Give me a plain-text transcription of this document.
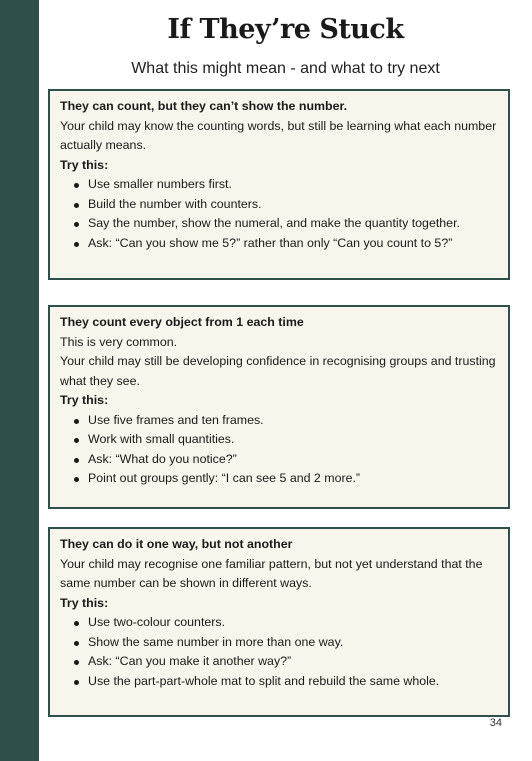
If They’re Stuck
What this might mean - and what to try next

They can count, but they can’t show the number.

Your child may know the counting words, but still be learning what each number actually means.

Try this:

Use smaller numbers first.
Build the number with counters.
Say the number, show the numeral, and make the quantity together.
Ask: “Can you show me 5?” rather than only “Can you count to 5?”

They count every object from 1 each time

This is very common.

Your child may still be developing confidence in recognising groups and trusting what they see.

Try this:

Use five frames and ten frames.
Work with small quantities.
Ask: “What do you notice?”
Point out groups gently: “I can see 5 and 2 more.”

They can do it one way, but not another

Your child may recognise one familiar pattern, but not yet understand that the same number can be shown in different ways.

Try this:

Use two-colour counters.
Show the same number in more than one way.
Ask: “Can you make it another way?”
Use the part-part-whole mat to split and rebuild the same whole.
34
